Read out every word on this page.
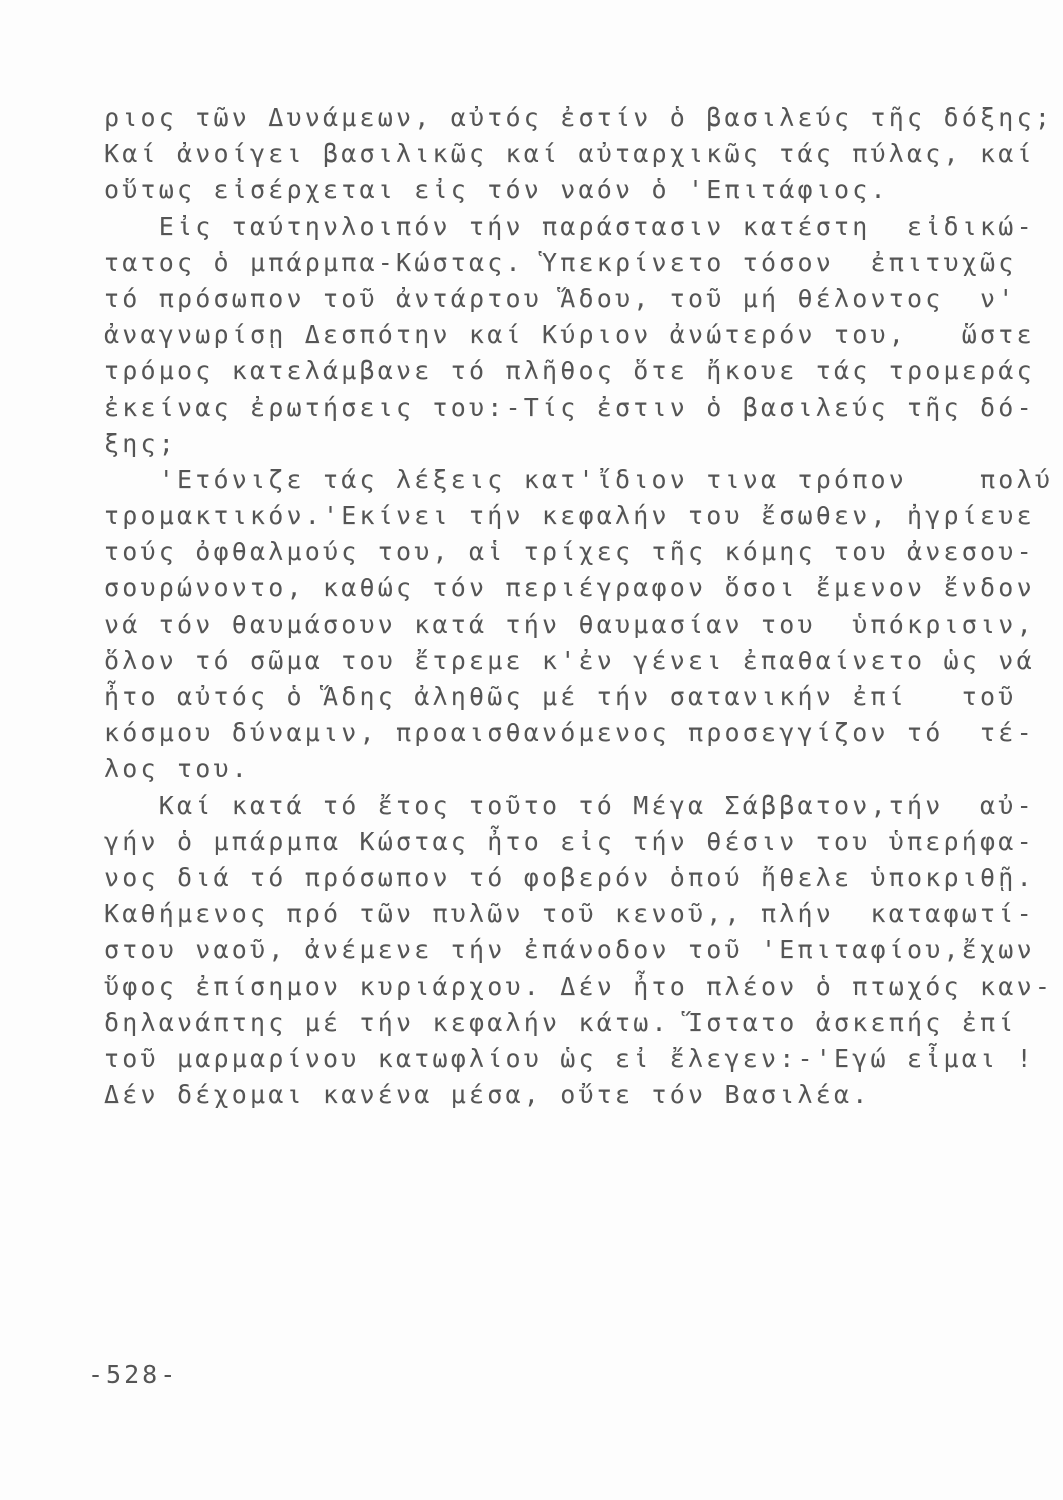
ριος τῶν Δυνάμεων, αὐτός ἐστίν ὁ βασιλεύς τῆς δόξης;
Καί ἀνοίγει βασιλικῶς καί αὐταρχικῶς τάς πύλας, καί
οὕτως εἰσέρχεται εἰς τόν ναόν ὁ 'Επιτάφιος.
Εἰς ταύτηνλοιπόν τήν παράστασιν κατέστη  εἰδικώ-
τατος ὁ μπάρμπα-Κώστας. Ὑπεκρίνετο τόσον  ἐπιτυχῶς
τό πρόσωπον τοῦ ἀντάρτου Ἅδου, τοῦ μή θέλοντος  ν'
ἀναγνωρίσῃ Δεσπότην καί Κύριον ἀνώτερόν του,   ὥστε
τρόμος κατελάμβανε τό πλῆθος ὅτε ἤκουε τάς τρομεράς
ἐκείνας ἐρωτήσεις του:-Τίς ἐστιν ὁ βασιλεύς τῆς δό-
ξης;
'Ετόνιζε τάς λέξεις κατ'ἴδιον τινα τρόπον    πολύ
τρομακτικόν.'Εκίνει τήν κεφαλήν του ἔσωθεν, ἠγρίευε
τούς ὀφθαλμούς του, αἱ τρίχες τῆς κόμης του ἀνεσου-
σουρώνοντο, καθώς τόν περιέγραφον ὅσοι ἔμενον ἔνδον
νά τόν θαυμάσουν κατά τήν θαυμασίαν του  ὑπόκρισιν,
ὅλον τό σῶμα του ἔτρεμε κ'ἐν γένει ἐπαθαίνετο ὡς νά
ἦτο αὐτός ὁ Ἅδης ἀληθῶς μέ τήν σατανικήν ἐπί   τοῦ
κόσμου δύναμιν, προαισθανόμενος προσεγγίζον τό  τέ-
λος του.
Καί κατά τό ἔτος τοῦτο τό Μέγα Σάββατον,τήν  αὐ-
γήν ὁ μπάρμπα Κώστας ἦτο εἰς τήν θέσιν του ὑπερήφα-
νος διά τό πρόσωπον τό φοβερόν ὁπού ἤθελε ὑποκριθῇ.
Καθήμενος πρό τῶν πυλῶν τοῦ κενοῦ,, πλήν  καταφωτί-
στου ναοῦ, ἀνέμενε τήν ἐπάνοδον τοῦ 'Επιταφίου,ἔχων
ὕφος ἐπίσημον κυριάρχου. Δέν ἦτο πλέον ὁ πτωχός καν-
δηλανάπτης μέ τήν κεφαλήν κάτω. Ἵστατο ἀσκεπής ἐπί
τοῦ μαρμαρίνου κατωφλίου ὡς εἰ ἔλεγεν:-'Εγώ εἶμαι !
Δέν δέχομαι κανένα μέσα, οὔτε τόν Βασιλέα.
-528-
